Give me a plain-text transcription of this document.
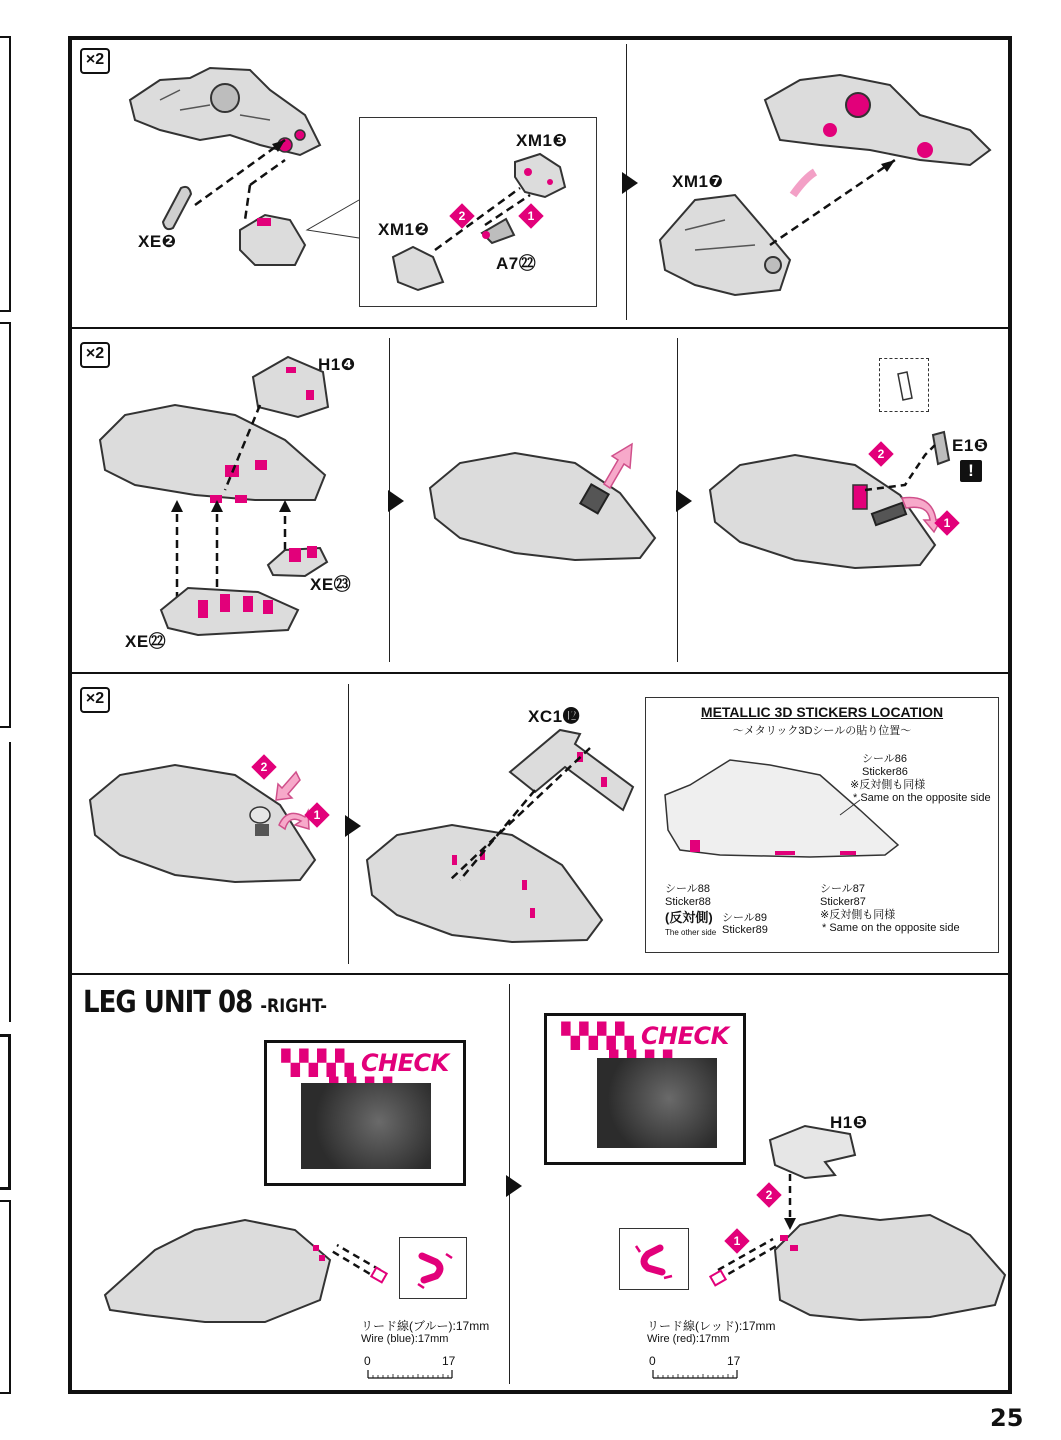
×2
XE❷
XM1❸
2	1
XM1❷
A7㉒
XM1❼
×2
H1❹
XE㉓
XE㉒
E1❺
!
2
1
×2
2
1
XC1⓬	METALLIC 3D STICKERS LOCATION
〜メタリック3Dシールの貼り位置〜
シール86
Sticker86
※反対側も同様
* Same on the opposite side
シール88
Sticker88
(反対側) シール89
The other side Sticker89
シール87
Sticker87
※反対側も同様
* Same on the opposite side
LEG UNIT 08 -RIGHT-
▚▚▚▚ CHECK
リード線(ブルー):17mm
Wire (blue):17mm
0	17
▚▚▚▚ CHECK
H1❺
2
1
リード線(レッド):17mm
Wire (red):17mm
0	17
25
